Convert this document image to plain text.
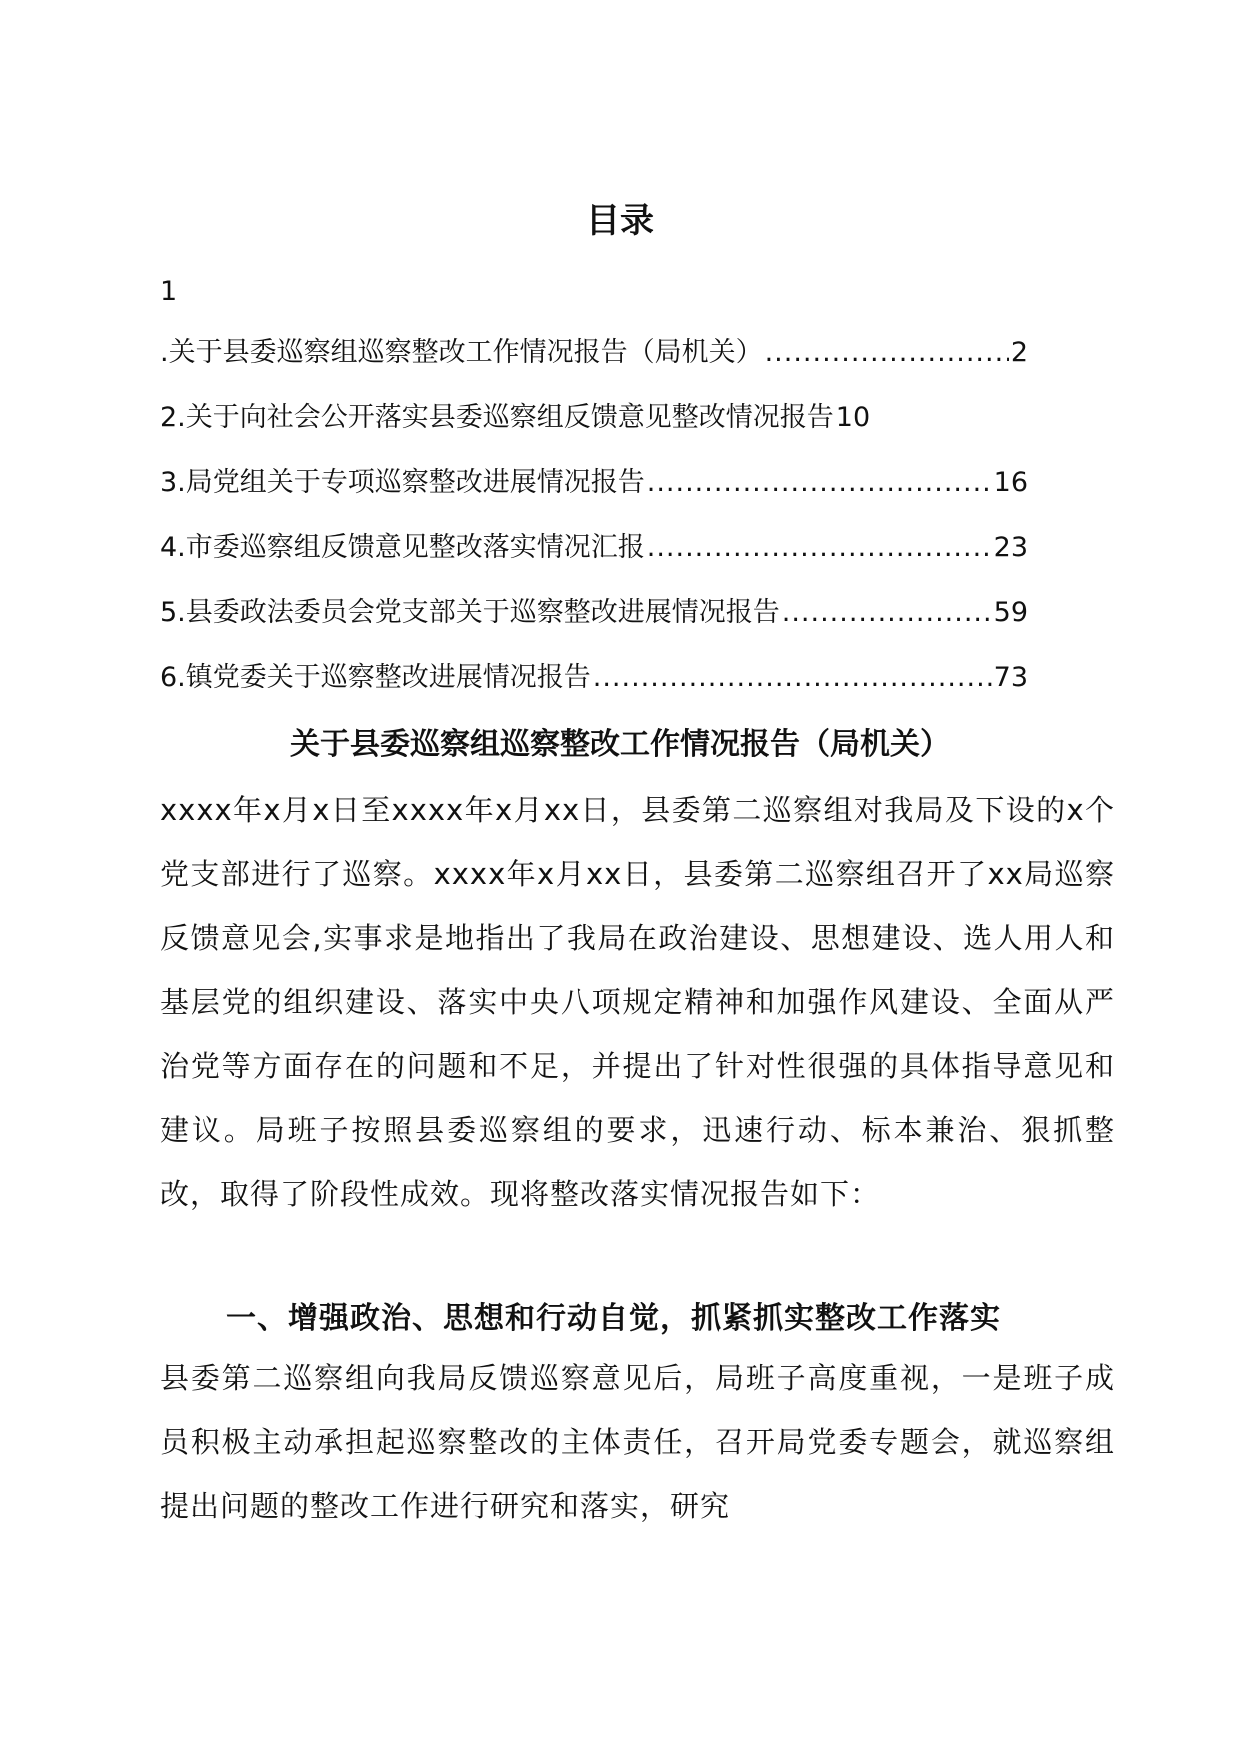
目录
1
.关于县委巡察组巡察整改工作情况报告（局机关） .....	2
2.关于向社会公开落实县委巡察组反馈意见整改情况报告 10
3.局党组关于专项巡察整改进展情况报告 .....	16
4.市委巡察组反馈意见整改落实情况汇报 .....	23
5.县委政法委员会党支部关于巡察整改进展情况报告 .....	59
6.镇党委关于巡察整改进展情况报告 .....	73
关于县委巡察组巡察整改工作情况报告（局机关）

xxxx年x月x日至xxxx年x月xx日，县委第二巡察组对我局及下设的x个党支部进行了巡察。xxxx年x月xx日，县委第二巡察组召开了xx局巡察反馈意见会,实事求是地指出了我局在政治建设、思想建设、选人用人和基层党的组织建设、落实中央八项规定精神和加强作风建设、全面从严治党等方面存在的问题和不足，并提出了针对性很强的具体指导意见和建议。局班子按照县委巡察组的要求，迅速行动、标本兼治、狠抓整改，取得了阶段性成效。现将整改落实情况报告如下：

一、增强政治、思想和行动自觉，抓紧抓实整改工作落实

县委第二巡察组向我局反馈巡察意见后，局班子高度重视，一是班子成员积极主动承担起巡察整改的主体责任，召开局党委专题会，就巡察组提出问题的整改工作进行研究和落实，研究
